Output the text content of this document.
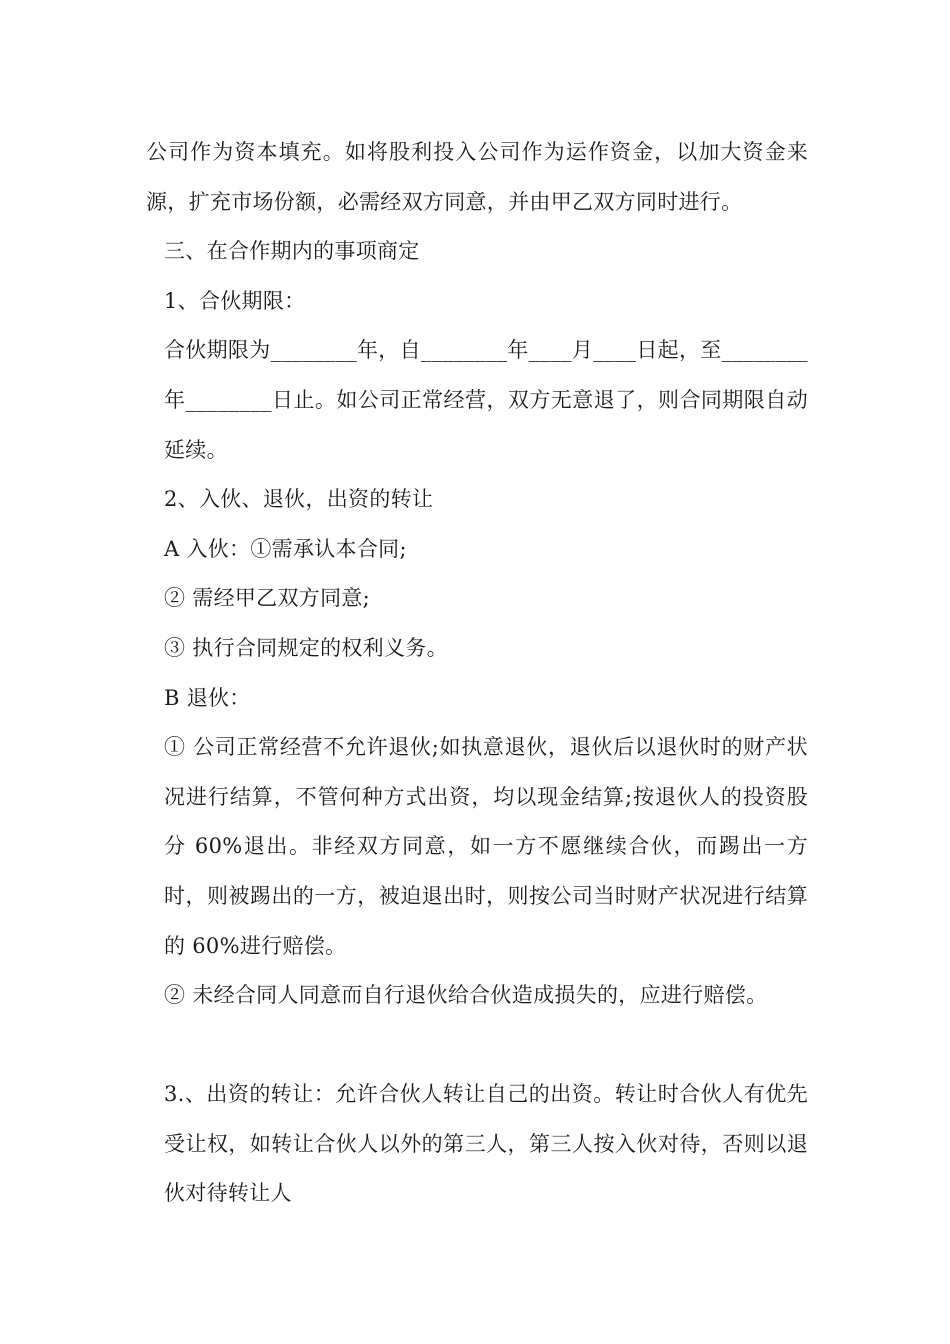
公司作为资本填充。如将股利投入公司作为运作资金，以加大资金来源，扩充市场份额，必需经双方同意，并由甲乙双方同时进行。

三、在合作期内的事项商定

1、合伙期限：

合伙期限为________年，自________年____月____日起，至________年________日止。如公司正常经营，双方无意退了，则合同期限自动延续。

2、入伙、退伙，出资的转让

A 入伙：①需承认本合同;

② 需经甲乙双方同意;

③ 执行合同规定的权利义务。

B 退伙：

① 公司正常经营不允许退伙;如执意退伙，退伙后以退伙时的财产状况进行结算，不管何种方式出资，均以现金结算;按退伙人的投资股分 60%退出。非经双方同意，如一方不愿继续合伙，而踢出一方时，则被踢出的一方，被迫退出时，则按公司当时财产状况进行结算的 60%进行赔偿。

② 未经合同人同意而自行退伙给合伙造成损失的，应进行赔偿。

3.、出资的转让：允许合伙人转让自己的出资。转让时合伙人有优先受让权，如转让合伙人以外的第三人，第三人按入伙对待，否则以退伙对待转让人
